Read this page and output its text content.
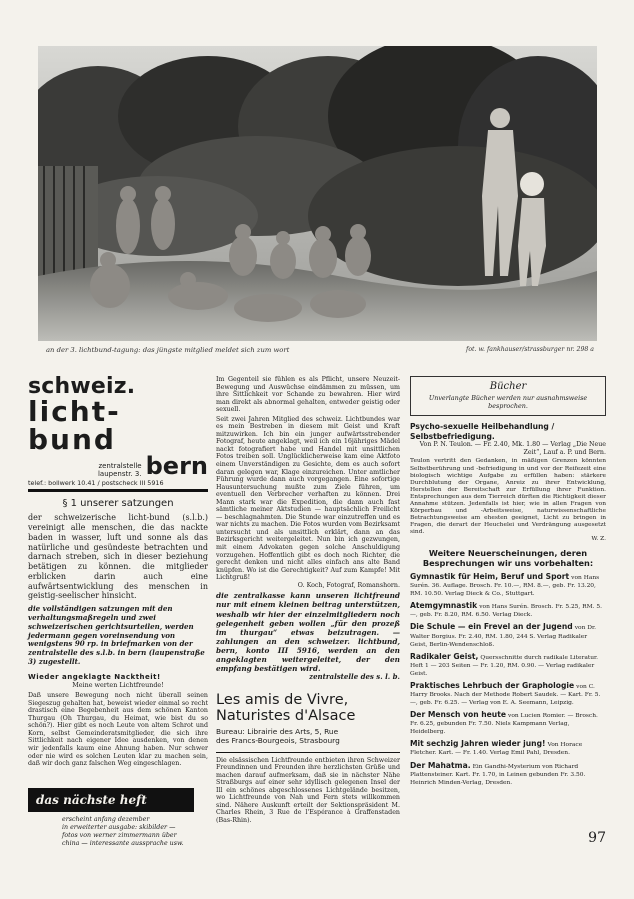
an der 3. lichtbund-tagung: das jüngste mitglied meldet sich zum wort	fot. w. fankhauser/strassburger nr. 298 a
schweiz.
licht-bund
zentralstelle
laupenstr. 3. bern
telef.: bollwerk 10.41 / postscheck III 5916
§ 1 unserer satzungen
der schweizerische licht-bund (s.l.b.) vereinigt alle menschen, die das nackte baden in wasser, luft und sonne als das natürliche und gesündeste betrachten und darnach streben, sich in dieser beziehung betätigen zu können. die mitglieder erblicken darin auch eine aufwärtsentwicklung des menschen in geistig-seelischer hinsicht.
die vollständigen satzungen mit den verhaltungsmaßregeln und zwei schweizerischen gerichtsurteilen, werden jedermann gegen voreinsendung von wenigstens 90 rp. in briefmarken von der zentralstelle des s.l.b. in bern (laupenstraße 3) zugestellt.
Wieder angeklagte Nacktheit!
Meine werten Lichtfreunde!
Daß unsere Bewegung noch nicht überall seinen Siegeszug gehalten hat, beweist wieder einmal so recht drastisch eine Begebenheit aus dem schönen Kanton Thurgau (Oh Thurgau, du Heimat, wie bist du so schön?). Hier gibt es noch Leute von altem Schrot und Korn, selbst Gemeinderatsmitglieder, die sich ihre Sittlichkeit nach eigener Idee ausdenken, von denen wir jedenfalls kaum eine Ahnung haben. Nur schwer oder nie wird es solchen Leuten klar zu machen sein, daß wir doch ganz falschen Weg eingeschlagen.
das nächste heft
erscheint anfang dezember
in erweiterter ausgabe: skibilder —
fotos von werner zimmermann über
china — interessante aussprache usw.
Im Gegenteil sie fühlen es als Pflicht, unsere Neuzeit-Bewegung und Auswüchse eindämmen zu müssen, um ihre Sittlichkeit vor Schande zu bewahren. Hier wird man direkt als abnormal gehalten, entweder geistig oder sexuell.
Seit zwei Jahren Mitglied des schweiz. Lichtbundes war es mein Bestreben in diesem mit Geist und Kraft mitzuwirken. Ich bin ein junger aufwärtsstrebender Fotograf, heute angeklagt, weil ich ein 16jähriges Mädel nackt fotografiert habe und Handel mit unsittlichen Fotos treiben soll. Unglücklicherweise kam eine Aktfoto einem Unverständigen zu Gesichte, dem es auch sofort daran gelegen war, Klage einzureichen. Unter amtlicher Führung wurde dann auch vorgegangen. Eine sofortige Hausuntersuchung mußte zum Ziele führen, um eventuell den Verbrecher verhaften zu können. Drei Mann stark war die Expedition, die dann auch fast sämtliche meiner Aktstudien — hauptsächlich Freilicht — beschlagnahmten. Die Stunde war einzutreffen und es war nichts zu machen. Die Fotos wurden vom Bezirksamt untersucht und als unsittlich erklärt, dann an das Bezirksgericht weitergeleitet. Nun bin ich gezwungen, mit einem Advokaten gegen solche Anschuldigung vorzugehen. Hoffentlich gibt es doch noch Richter, die gerecht denken und nicht alles einfach ans alte Band knüpfen. Wo ist die Gerechtigkeit? Auf zum Kampfe! Mit Lichtgruß!
O. Koch, Fotograf, Romanshorn.
die zentralkasse kann unseren lichtfreund nur mit einem kleinen beitrag unterstützen, weshalb wir hier der einzelmitgliedern noch gelegenheit geben wollen „für den prozeß im thurgau“ etwas beizutragen. — zahlungen an den schweizer. lichtbund, bern, konto III 5916, werden an den angeklagten weitergeleitet, der den empfang bestätigen wird.
zentralstelle des s. l. b.
Les amis de Vivre,
Naturistes d'Alsace
Bureau: Librairie des Arts, 5, Rue
des Francs-Bourgeois, Strasbourg
Die elsässischen Lichtfreunde entbieten ihren Schweizer Freundinnen und Freunden ihre herzlichsten Grüße und machen darauf aufmerksam, daß sie in nächster Nähe Straßburgs auf einer sehr idyllisch gelegenen Insel der Ill ein schönes abgeschlossenes Lichtgelände besitzen, wo Lichtfreunde von Nah und Fern stets willkommen sind. Nähere Auskunft erteilt der Sektionspräsident M. Charles Rhein, 3 Rue de l'Espérance à Graffenstaden (Bas-Rhin).
Bücher
Unverlangte Bücher werden nur ausnahmsweise besprochen.
Psycho-sexuelle Heilbehandlung / Selbstbefriedigung.
Von P. N. Teulon. — Fr. 2.40, Mk. 1.80 — Verlag „Die Neue Zeit“, Lauf a. P. und Bern.
Teulon vertritt den Gedanken, in mäßigen Grenzen könnten Selbstberührung und -befriedigung in und vor der Reifezeit eine biologisch wichtige Aufgabe zu erfüllen haben: stärkere Durchblutung der Organe, Anreiz zu ihrer Entwicklung, Herstellen der Bereitschaft zur Erfüllung ihrer Funktion. Entsprechungen aus dem Tierreich dürften die Richtigkeit dieser Annahme stützen. Jedenfalls ist hier, wie in allen Fragen von Körperbau und -Arbeitsweise, naturwissenschaftliche Betrachtungsweise am ehesten geeignet, Licht zu bringen in Fragen, die derart der Heuchelei und Verdrängung ausgesetzt sind.
W. Z.
Weitere Neuerscheinungen, deren Besprechungen wir uns vorbehalten:
Gymnastik für Heim, Beruf und Sport von Hans Surén. 36. Auflage. Brosch. Fr. 10.—, RM. 8.—, geb. Fr. 13.20, RM. 10.50. Verlag Dieck & Co., Stuttgart.
Atemgymnastik von Hans Surén. Brosch. Fr. 5.25, RM. 5.—, geb. Fr. 8.20, RM. 6.50. Verlag Dieck.
Die Schule — ein Frevel an der Jugend von Dr. Walter Borgius. Fr. 2.40, RM. 1.80, 244 S. Verlag Radikaler Geist, Berlin-Wendenschloß.
Radikaler Geist, Quersschnitte durch radikale Literatur. Heft 1 — 203 Seiten — Fr. 1.20, RM. 0.90. — Verlag radikaler Geist.
Praktisches Lehrbuch der Graphologie von C. Harry Brooks. Nach der Methode Robert Saudek. — Kart. Fr. 5.—, geb. Fr. 6.25. — Verlag von E. A. Seemann, Leipzig.
Der Mensch von heute von Lucien Romier. — Brosch. Fr. 6.25, gebunden Fr. 7.50. Niels Kampmann Verlag, Heidelberg.
Mit sechzig Jahren wieder jung! Von Horace Fletcher. Kart. — Fr. 1.40. Verlag Emil Pahl, Dresden.
Der Mahatma. Ein Gandhi-Mysterium von Richard Plattensteiner. Kart. Fr. 1.70, in Leinen gebunden Fr. 3.50. Heinrich Minden-Verlag, Dresden.
97
